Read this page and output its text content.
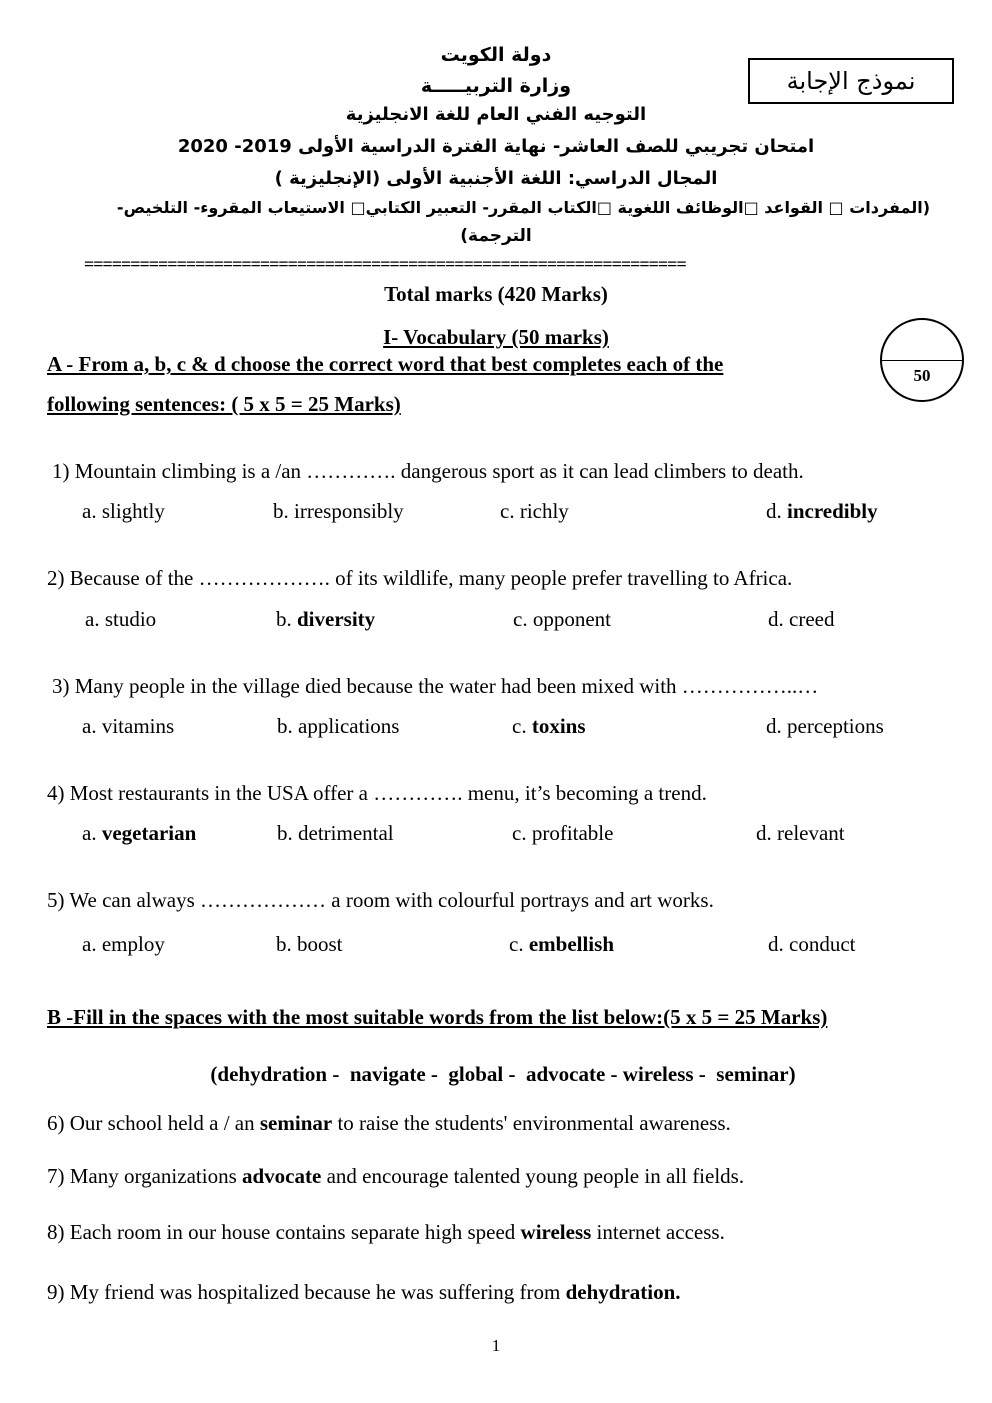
دولة الكويت
وزارة التربيـــــة
التوجيه الفني العام للغة الانجليزية
امتحان تجريبي للصف العاشر- نهاية الفترة الدراسية الأولى 2019- 2020
المجال الدراسي: اللغة الأجنبية الأولى (الإنجليزية )
(المفردات □ القواعد □الوظائف اللغوية □الكتاب المقرر- التعبير الكتابي□ الاستيعاب المقروء- التلخيص-
الترجمة)
نموذج الإجابة
=================================================================
Total marks (420 Marks)
I- Vocabulary (50 marks)
50
A - From a, b, c & d choose the correct word that best completes each of the
following sentences: ( 5 x 5 = 25 Marks)
1) Mountain climbing is a /an …………. dangerous sport as it can lead climbers to death.
a. slightly	b. irresponsibly	c. richly	d. incredibly
2) Because of the ………………. of its wildlife, many people prefer travelling to Africa.
a. studio	b. diversity	c. opponent	d. creed
3) Many people in the village died because the water had been mixed with ……………..…
a. vitamins	b. applications	c. toxins	d. perceptions
4) Most restaurants in the USA offer a …………. menu, it’s becoming a trend.
a. vegetarian	b. detrimental	c. profitable	d. relevant
5) We can always ……………… a room with colourful portrays and art works.
a. employ	b. boost	c. embellish	d. conduct
B -Fill in the spaces with the most suitable words from the list below:(5 x 5 = 25 Marks)
(dehydration -  navigate -  global -  advocate - wireless -  seminar)
6) Our school held a / an seminar to raise the students' environmental awareness.
7) Many organizations advocate and encourage talented young people in all fields.
8) Each room in our house contains separate high speed wireless internet access.
9) My friend was hospitalized because he was suffering from dehydration.
1
